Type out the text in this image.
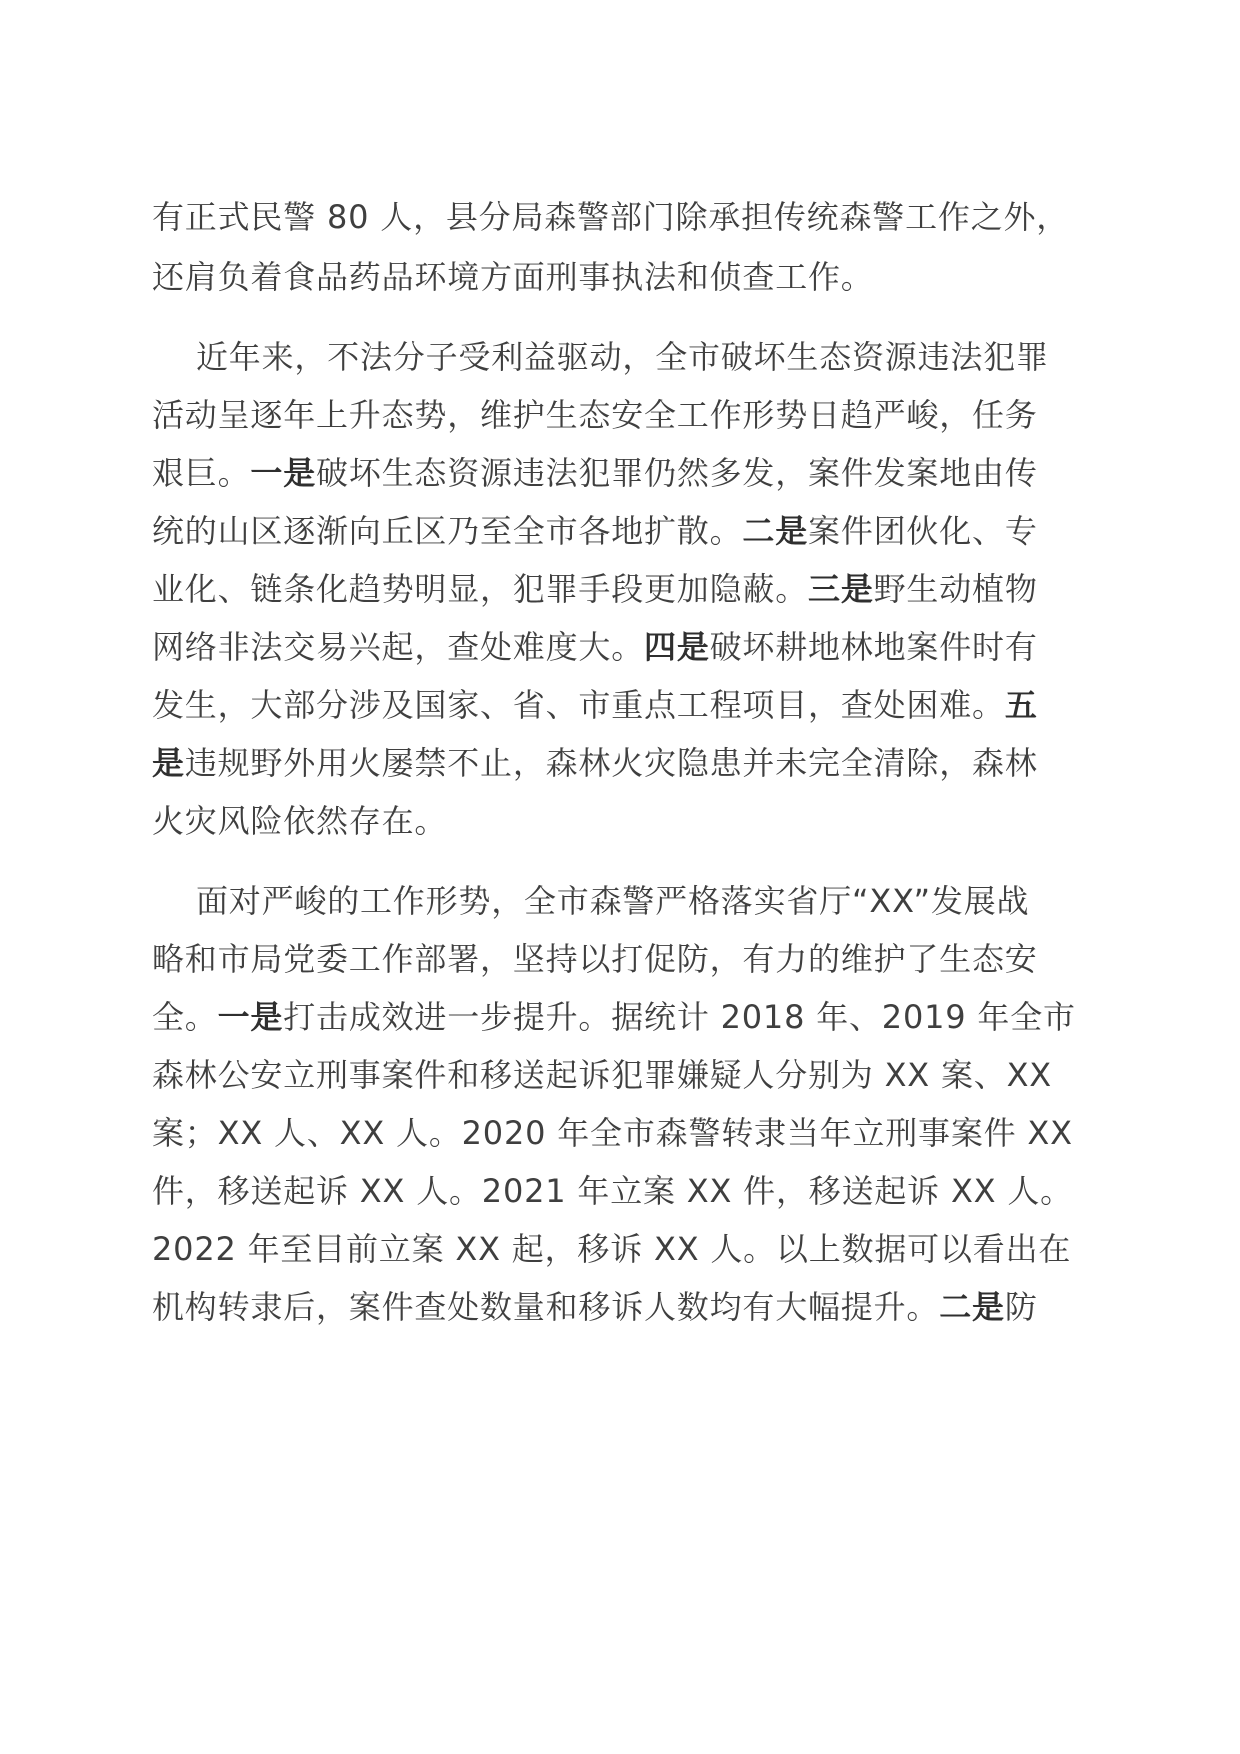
有正式民警 80 人，县分局森警部门除承担传统森警工作之外，
还肩负着食品药品环境方面刑事执法和侦查工作。
近年来，不法分子受利益驱动，全市破坏生态资源违法犯罪
活动呈逐年上升态势，维护生态安全工作形势日趋严峻，任务
艰巨。一是破坏生态资源违法犯罪仍然多发，案件发案地由传
统的山区逐渐向丘区乃至全市各地扩散。二是案件团伙化、专
业化、链条化趋势明显，犯罪手段更加隐蔽。三是野生动植物
网络非法交易兴起，查处难度大。四是破坏耕地林地案件时有
发生，大部分涉及国家、省、市重点工程项目，查处困难。五
是违规野外用火屡禁不止，森林火灾隐患并未完全清除，森林
火灾风险依然存在。
面对严峻的工作形势，全市森警严格落实省厅“XX”发展战
略和市局党委工作部署，坚持以打促防，有力的维护了生态安
全。一是打击成效进一步提升。据统计 2018 年、2019 年全市
森林公安立刑事案件和移送起诉犯罪嫌疑人分别为 XX 案、XX
案；XX 人、XX 人。2020 年全市森警转隶当年立刑事案件 XX
件，移送起诉 XX 人。2021 年立案 XX 件，移送起诉 XX 人。
2022 年至目前立案 XX 起，移诉 XX 人。以上数据可以看出在
机构转隶后，案件查处数量和移诉人数均有大幅提升。二是防
